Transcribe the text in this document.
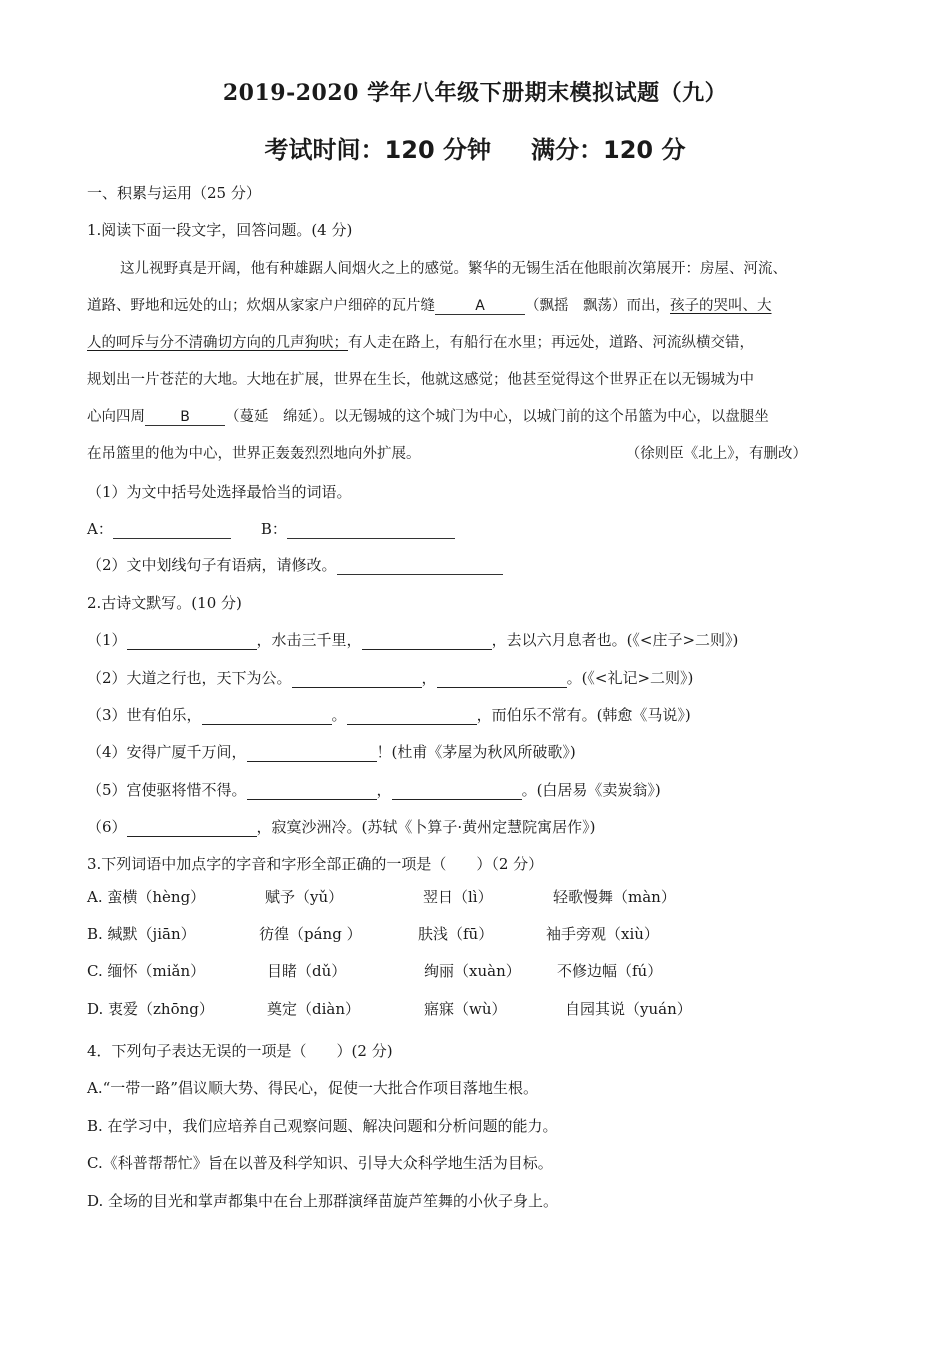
2019-2020 学年八年级下册期末模拟试题（九）
考试时间：120 分钟 满分：120 分
一、积累与运用（25 分）
1.阅读下面一段文字，回答问题。(4 分)
这儿视野真是开阔，他有种雄踞人间烟火之上的感觉。繁华的无锡生活在他眼前次第展开：房屋、河流、
道路、野地和远处的山；炊烟从家家户户细碎的瓦片缝	A	（飘摇　飘荡）而出，孩子的哭叫、大
人的呵斥与分不清确切方向的几声狗吠；有人走在路上，有船行在水里；再远处，道路、河流纵横交错，
规划出一片苍茫的大地。大地在扩展，世界在生长，他就这感觉；他甚至觉得这个世界正在以无锡城为中
心向四周	B	（蔓延　绵延）。以无锡城的这个城门为中心，以城门前的这个吊篮为中心，以盘腿坐
在吊篮里的他为中心，世界正轰轰烈烈地向外扩展。	（徐则臣《北上》，有删改）
（1）为文中括号处选择最恰当的词语。
A：	B：
（2）文中划线句子有语病，请修改。
2.古诗文默写。(10 分)
（1）	，水击三千里，	，去以六月息者也。(《<庄子>二则》)
（2）大道之行也，天下为公。	，	。(《<礼记>二则》)
（3）世有伯乐，	。	，而伯乐不常有。(韩愈《马说》)
（4）安得广厦千万间，	！(杜甫《茅屋为秋风所破歌》)
（5）宫使驱将惜不得。	，	。(白居易《卖炭翁》)
（6）	，寂寞沙洲冷。(苏轼《卜算子·黄州定慧院寓居作》)
3.下列词语中加点字的字音和字形全部正确的一项是（　　）（2 分）
A. 蛮横（hèng）	赋予（yǔ）	翌日（lì）	轻歌慢舞（màn）
B. 缄默（jiān）	彷徨（páng ）	肤浅（fū）	袖手旁观（xiù）
C. 缅怀（miǎn）	目睹（dǔ）	绚丽（xuàn） 不修边幅（fú）
D. 衷爱（zhōng）	奠定（diàn）	寤寐（wù）	自园其说（yuán）
4．下列句子表达无误的一项是（　　）(2 分)
A.“一带一路”倡议顺大势、得民心，促使一大批合作项目落地生根。
B. 在学习中，我们应培养自己观察问题、解决问题和分析问题的能力。
C.《科普帮帮忙》旨在以普及科学知识、引导大众科学地生活为目标。
D. 全场的目光和掌声都集中在台上那群演绎苗旋芦笙舞的小伙子身上。
